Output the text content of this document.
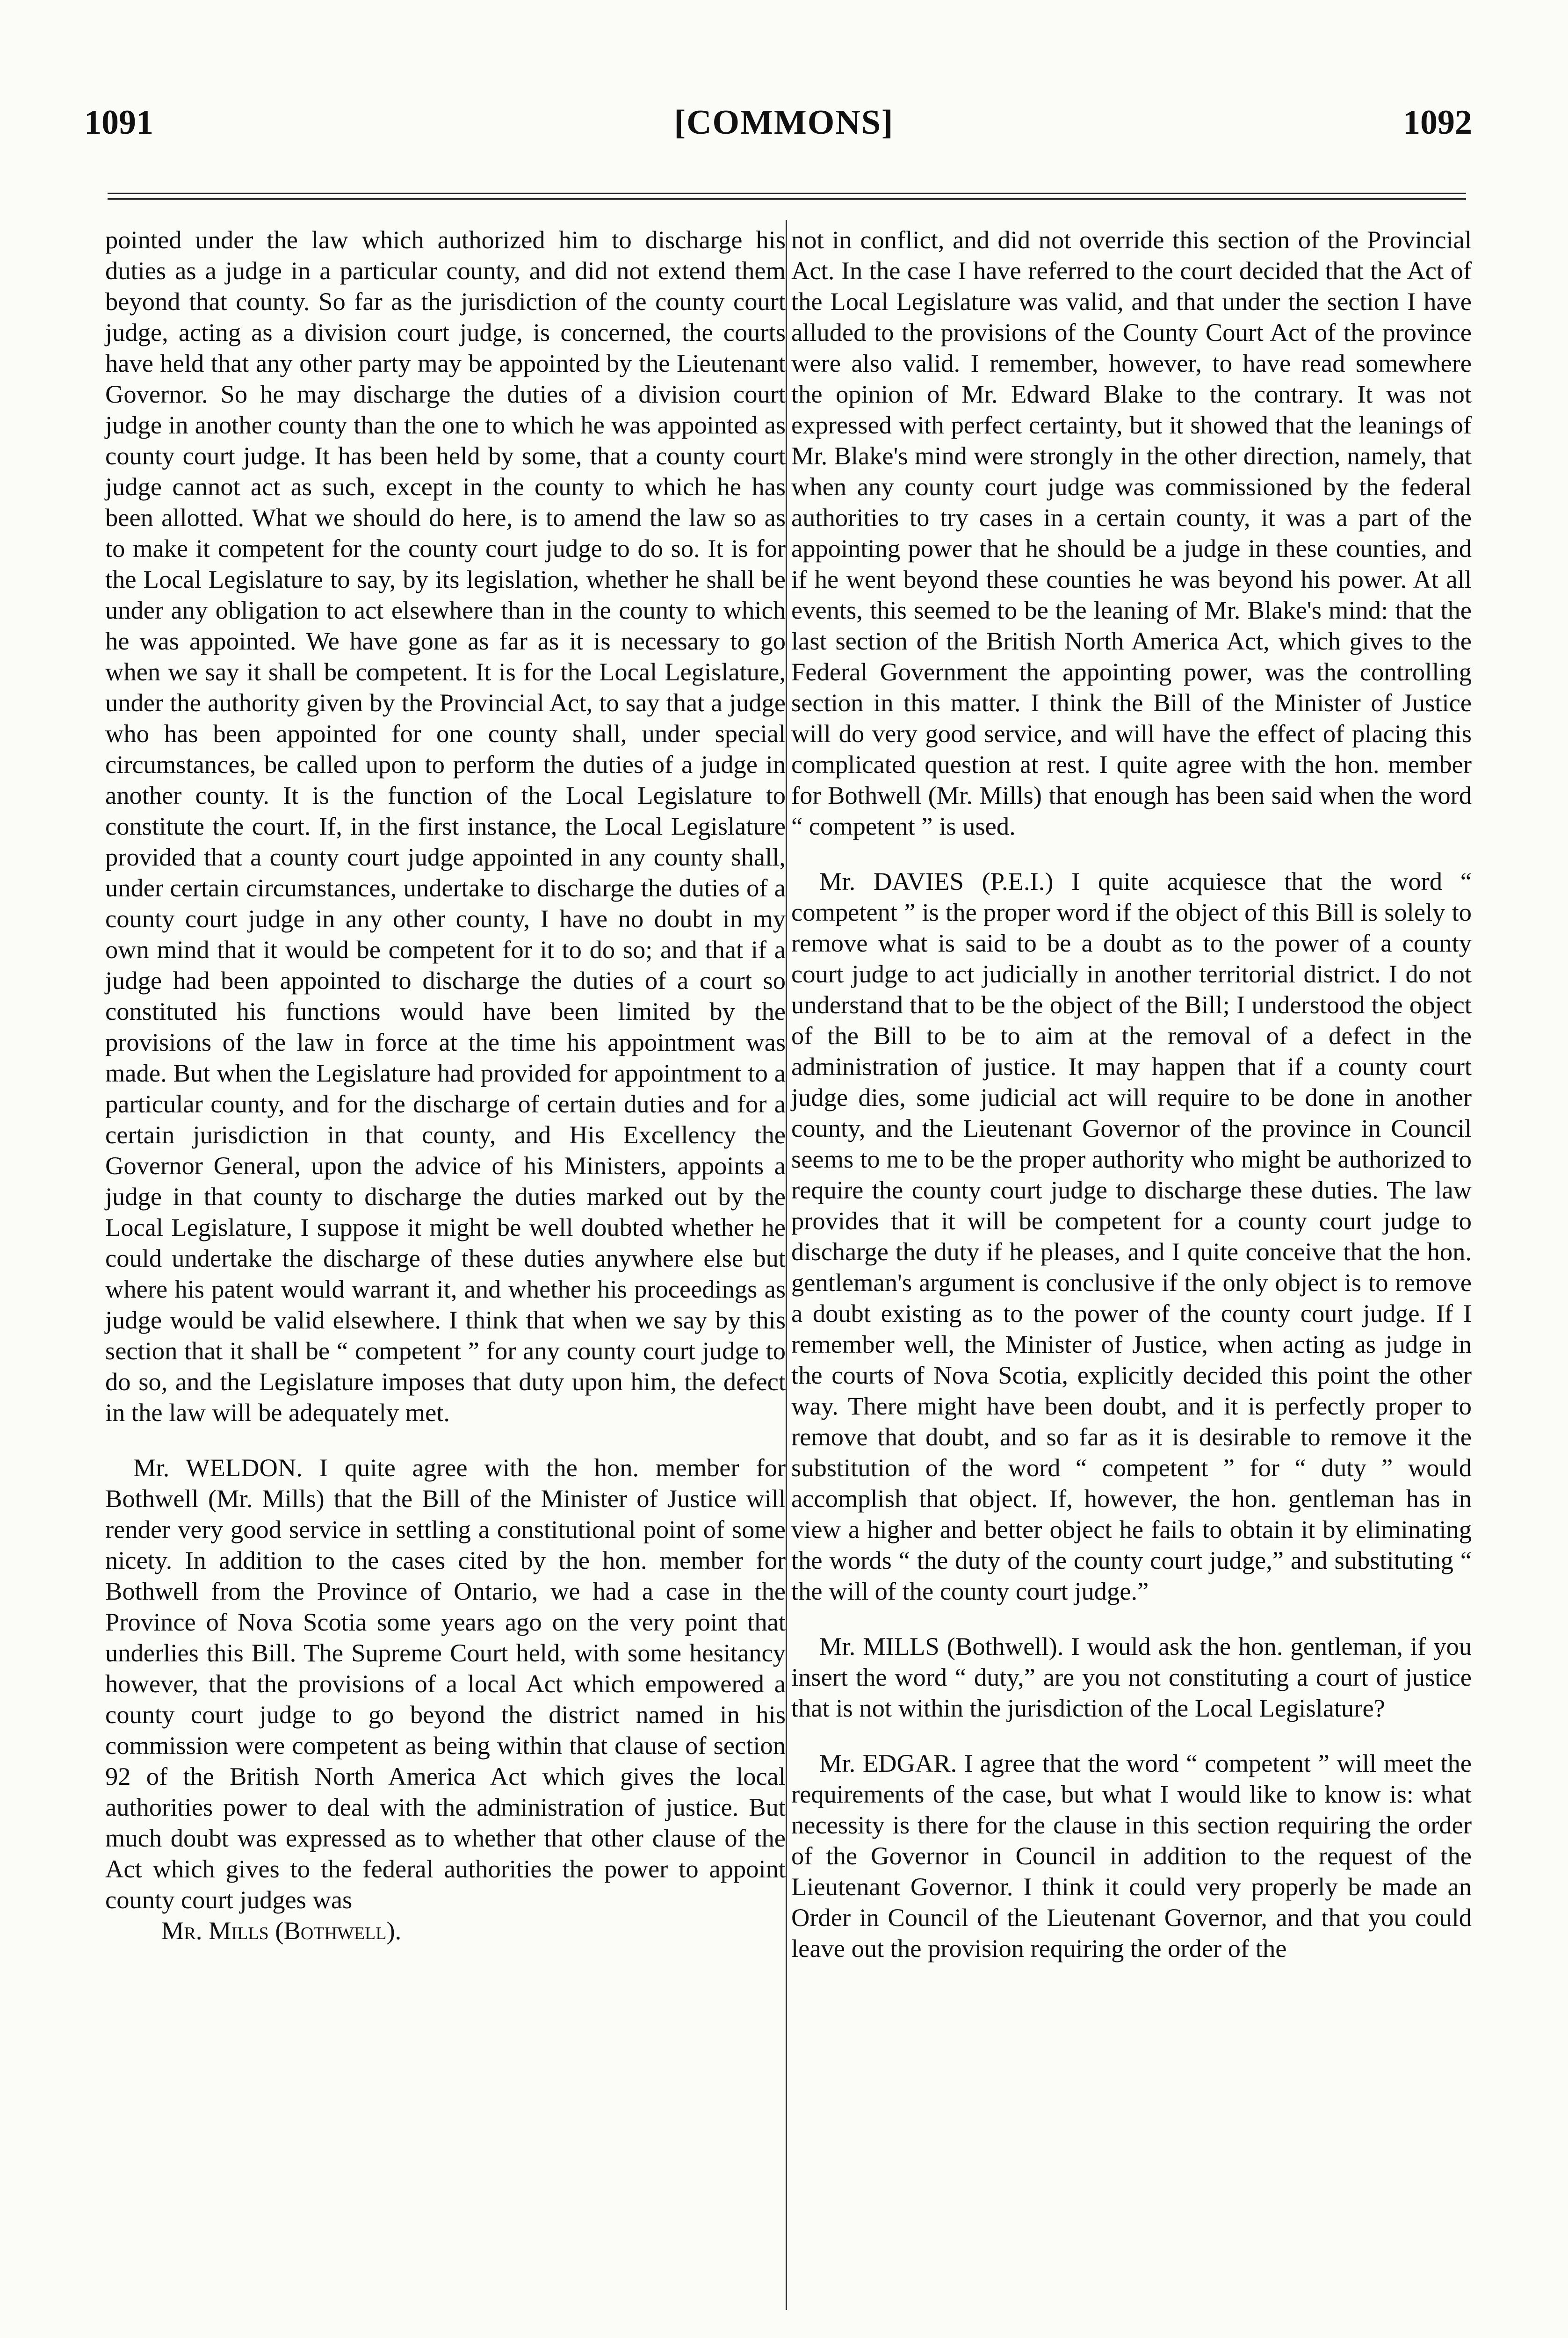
[COMMONS]
1091	1092

pointed under the law which authorized him to discharge his duties as a judge in a particular county, and did not extend them beyond that county. So far as the jurisdiction of the county court judge, acting as a division court judge, is concerned, the courts have held that any other party may be appointed by the Lieutenant Governor. So he may discharge the duties of a division court judge in another county than the one to which he was appointed as county court judge. It has been held by some, that a county court judge cannot act as such, except in the county to which he has been allotted. What we should do here, is to amend the law so as to make it competent for the county court judge to do so. It is for the Local Legislature to say, by its legislation, whether he shall be under any obligation to act elsewhere than in the county to which he was appointed. We have gone as far as it is necessary to go when we say it shall be competent. It is for the Local Legislature, under the authority given by the Provincial Act, to say that a judge who has been appointed for one county shall, under special circumstances, be called upon to perform the duties of a judge in another county. It is the function of the Local Legislature to constitute the court. If, in the first instance, the Local Legislature provided that a county court judge appointed in any county shall, under certain circumstances, undertake to discharge the duties of a county court judge in any other county, I have no doubt in my own mind that it would be competent for it to do so; and that if a judge had been appointed to discharge the duties of a court so constituted his functions would have been limited by the provisions of the law in force at the time his appointment was made. But when the Legislature had provided for appointment to a particular county, and for the discharge of certain duties and for a certain jurisdiction in that county, and His Excellency the Governor General, upon the advice of his Ministers, appoints a judge in that county to discharge the duties marked out by the Local Legislature, I suppose it might be well doubted whether he could undertake the discharge of these duties anywhere else but where his patent would warrant it, and whether his proceedings as judge would be valid elsewhere. I think that when we say by this section that it shall be “ competent ” for any county court judge to do so, and the Legislature imposes that duty upon him, the defect in the law will be adequately met.

Mr. WELDON. I quite agree with the hon. member for Bothwell (Mr. Mills) that the Bill of the Minister of Justice will render very good service in settling a constitutional point of some nicety. In addition to the cases cited by the hon. member for Bothwell from the Province of Ontario, we had a case in the Province of Nova Scotia some years ago on the very point that underlies this Bill. The Supreme Court held, with some hesitancy however, that the provisions of a local Act which empowered a county court judge to go beyond the district named in his commission were competent as being within that clause of section 92 of the British North America Act which gives the local authorities power to deal with the administration of justice. But much doubt was expressed as to whether that other clause of the Act which gives to the federal authorities the power to appoint county court judges was

Mr. Mills (Bothwell).

not in conflict, and did not override this section of the Provincial Act. In the case I have referred to the court decided that the Act of the Local Legislature was valid, and that under the section I have alluded to the provisions of the County Court Act of the province were also valid. I remember, however, to have read somewhere the opinion of Mr. Edward Blake to the contrary. It was not expressed with perfect certainty, but it showed that the leanings of Mr. Blake's mind were strongly in the other direction, namely, that when any county court judge was commissioned by the federal authorities to try cases in a certain county, it was a part of the appointing power that he should be a judge in these counties, and if he went beyond these counties he was beyond his power. At all events, this seemed to be the leaning of Mr. Blake's mind: that the last section of the British North America Act, which gives to the Federal Government the appointing power, was the controlling section in this matter. I think the Bill of the Minister of Justice will do very good service, and will have the effect of placing this complicated question at rest. I quite agree with the hon. member for Bothwell (Mr. Mills) that enough has been said when the word “ competent ” is used.

Mr. DAVIES (P.E.I.) I quite acquiesce that the word “ competent ” is the proper word if the object of this Bill is solely to remove what is said to be a doubt as to the power of a county court judge to act judicially in another territorial district. I do not understand that to be the object of the Bill; I understood the object of the Bill to be to aim at the removal of a defect in the administration of justice. It may happen that if a county court judge dies, some judicial act will require to be done in another county, and the Lieutenant Governor of the province in Council seems to me to be the proper authority who might be authorized to require the county court judge to discharge these duties. The law provides that it will be competent for a county court judge to discharge the duty if he pleases, and I quite conceive that the hon. gentleman's argument is conclusive if the only object is to remove a doubt existing as to the power of the county court judge. If I remember well, the Minister of Justice, when acting as judge in the courts of Nova Scotia, explicitly decided this point the other way. There might have been doubt, and it is perfectly proper to remove that doubt, and so far as it is desirable to remove it the substitution of the word “ competent ” for “ duty ” would accomplish that object. If, however, the hon. gentleman has in view a higher and better object he fails to obtain it by eliminating the words “ the duty of the county court judge,” and substituting “ the will of the county court judge.”

Mr. MILLS (Bothwell). I would ask the hon. gentleman, if you insert the word “ duty,” are you not constituting a court of justice that is not within the jurisdiction of the Local Legislature?

Mr. EDGAR. I agree that the word “ competent ” will meet the requirements of the case, but what I would like to know is: what necessity is there for the clause in this section requiring the order of the Governor in Council in addition to the request of the Lieutenant Governor. I think it could very properly be made an Order in Council of the Lieutenant Governor, and that you could leave out the provision requiring the order of the
